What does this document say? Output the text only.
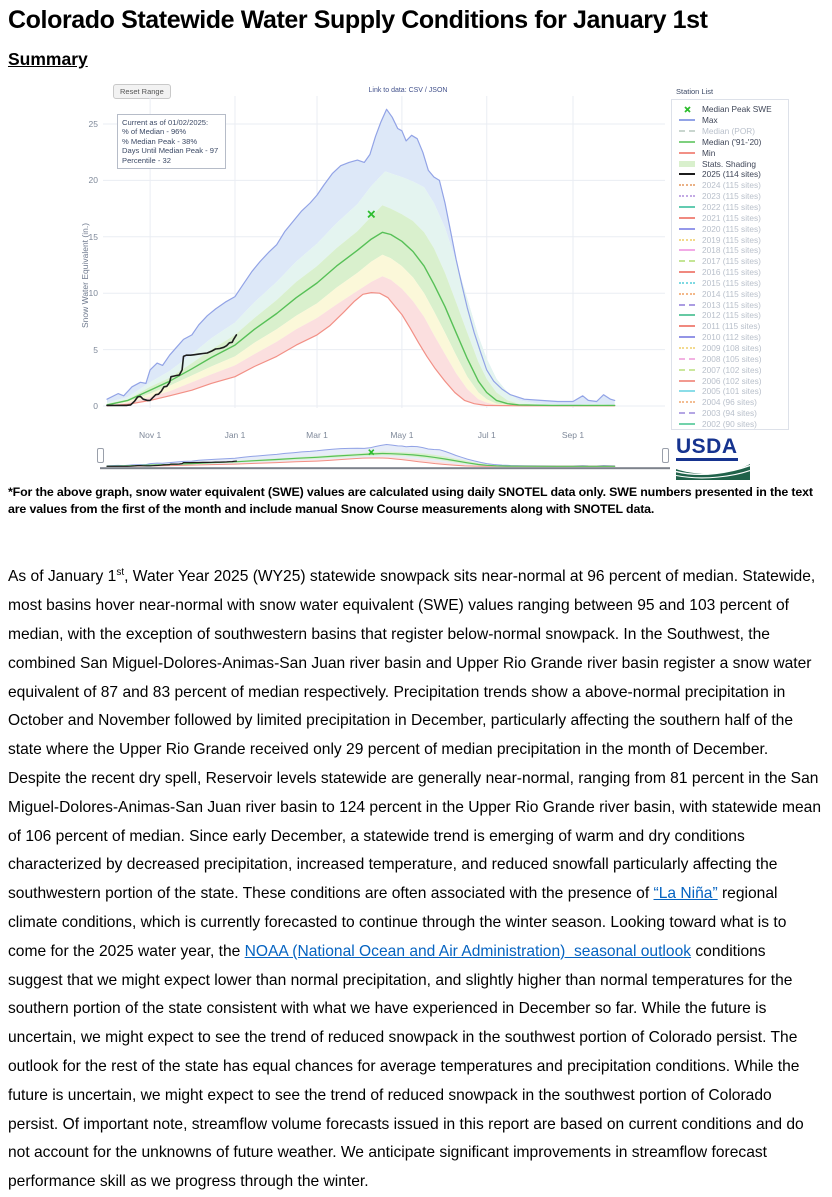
Colorado Statewide Water Supply Conditions for January 1st
Summary
Reset Range	Link to data: CSV / JSON
Current as of 01/02/2025:
% of Median - 96%
% Median Peak - 38%
Days Until Median Peak - 97
Percentile - 32
Snow Water Equivalent (in.)
0
5
10
15
20
25
Nov 1	Jan 1	Mar 1	May 1	Jul 1	Sep 1
Station List
Median Peak SWE
Max
Median (POR)
Median ('91-'20)
Min
Stats. Shading
2025 (114 sites)
2024 (115 sites)
2023 (115 sites)
2022 (115 sites)
2021 (115 sites)
2020 (115 sites)
2019 (115 sites)
2018 (115 sites)
2017 (115 sites)
2016 (115 sites)
2015 (115 sites)
2014 (115 sites)
2013 (115 sites)
2012 (115 sites)
2011 (115 sites)
2010 (112 sites)
2009 (108 sites)
2008 (105 sites)
2007 (102 sites)
2006 (102 sites)
2005 (101 sites)
2004 (96 sites)
2003 (94 sites)
2002 (90 sites)
USDA

*For the above graph, snow water equivalent (SWE) values are calculated using daily SNOTEL data only. SWE numbers presented in the text are values from the first of the month and include manual Snow Course measurements along with SNOTEL data.

As of January 1st, Water Year 2025 (WY25) statewide snowpack sits near-normal at 96 percent of median. Statewide, most basins hover near-normal with snow water equivalent (SWE) values ranging between 95 and 103 percent of median, with the exception of southwestern basins that register below-normal snowpack. In the Southwest, the combined San Miguel-Dolores-Animas-San Juan river basin and Upper Rio Grande river basin register a snow water equivalent of 87 and 83 percent of median respectively. Precipitation trends show a above-normal precipitation in October and November followed by limited precipitation in December, particularly affecting the southern half of the state where the Upper Rio Grande received only 29 percent of median precipitation in the month of December. Despite the recent dry spell, Reservoir levels statewide are generally near-normal, ranging from 81 percent in the San Miguel-Dolores-Animas-San Juan river basin to 124 percent in the Upper Rio Grande river basin, with statewide mean of 106 percent of median. Since early December, a statewide trend is emerging of warm and dry conditions characterized by decreased precipitation, increased temperature, and reduced snowfall particularly affecting the southwestern portion of the state. These conditions are often associated with the presence of “La Niña” regional climate conditions, which is currently forecasted to continue through the winter season. Looking toward what is to come for the 2025 water year, the NOAA (National Ocean and Air Administration)  seasonal outlook conditions suggest that we might expect lower than normal precipitation, and slightly higher than normal temperatures for the southern portion of the state consistent with what we have experienced in December so far. While the future is uncertain, we might expect to see the trend of reduced snowpack in the southwest portion of Colorado persist. The outlook for the rest of the state has equal chances for average temperatures and precipitation conditions. While the future is uncertain, we might expect to see the trend of reduced snowpack in the southwest portion of Colorado persist. Of important note, streamflow volume forecasts issued in this report are based on current conditions and do not account for the unknowns of future weather. We anticipate significant improvements in streamflow forecast performance skill as we progress through the winter.
